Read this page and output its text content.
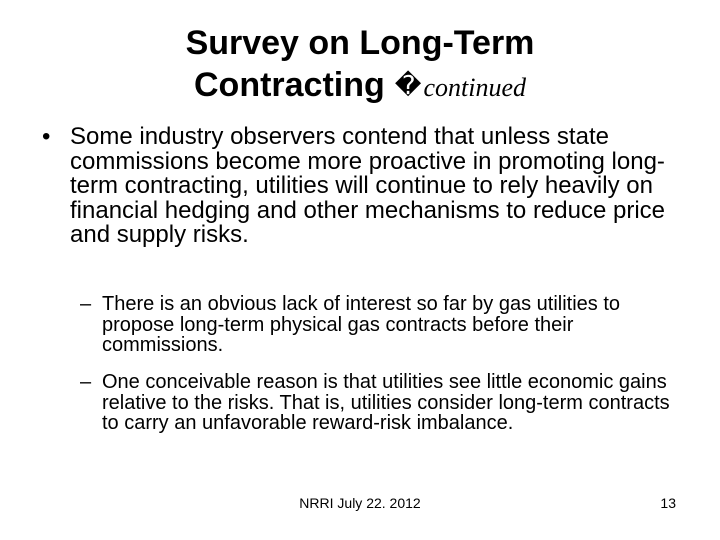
Survey on Long-Term
Contracting �continued
• Some industry observers contend that unless state commissions become more proactive in promoting long-term contracting, utilities will continue to rely heavily on financial hedging and other mechanisms to reduce price and supply risks.
– There is an obvious lack of interest so far by gas utilities to propose long-term physical gas contracts before their commissions.
– One conceivable reason is that utilities see little economic gains relative to the risks. That is, utilities consider long-term contracts to carry an unfavorable reward-risk imbalance.
NRRI July 22. 2012	13
